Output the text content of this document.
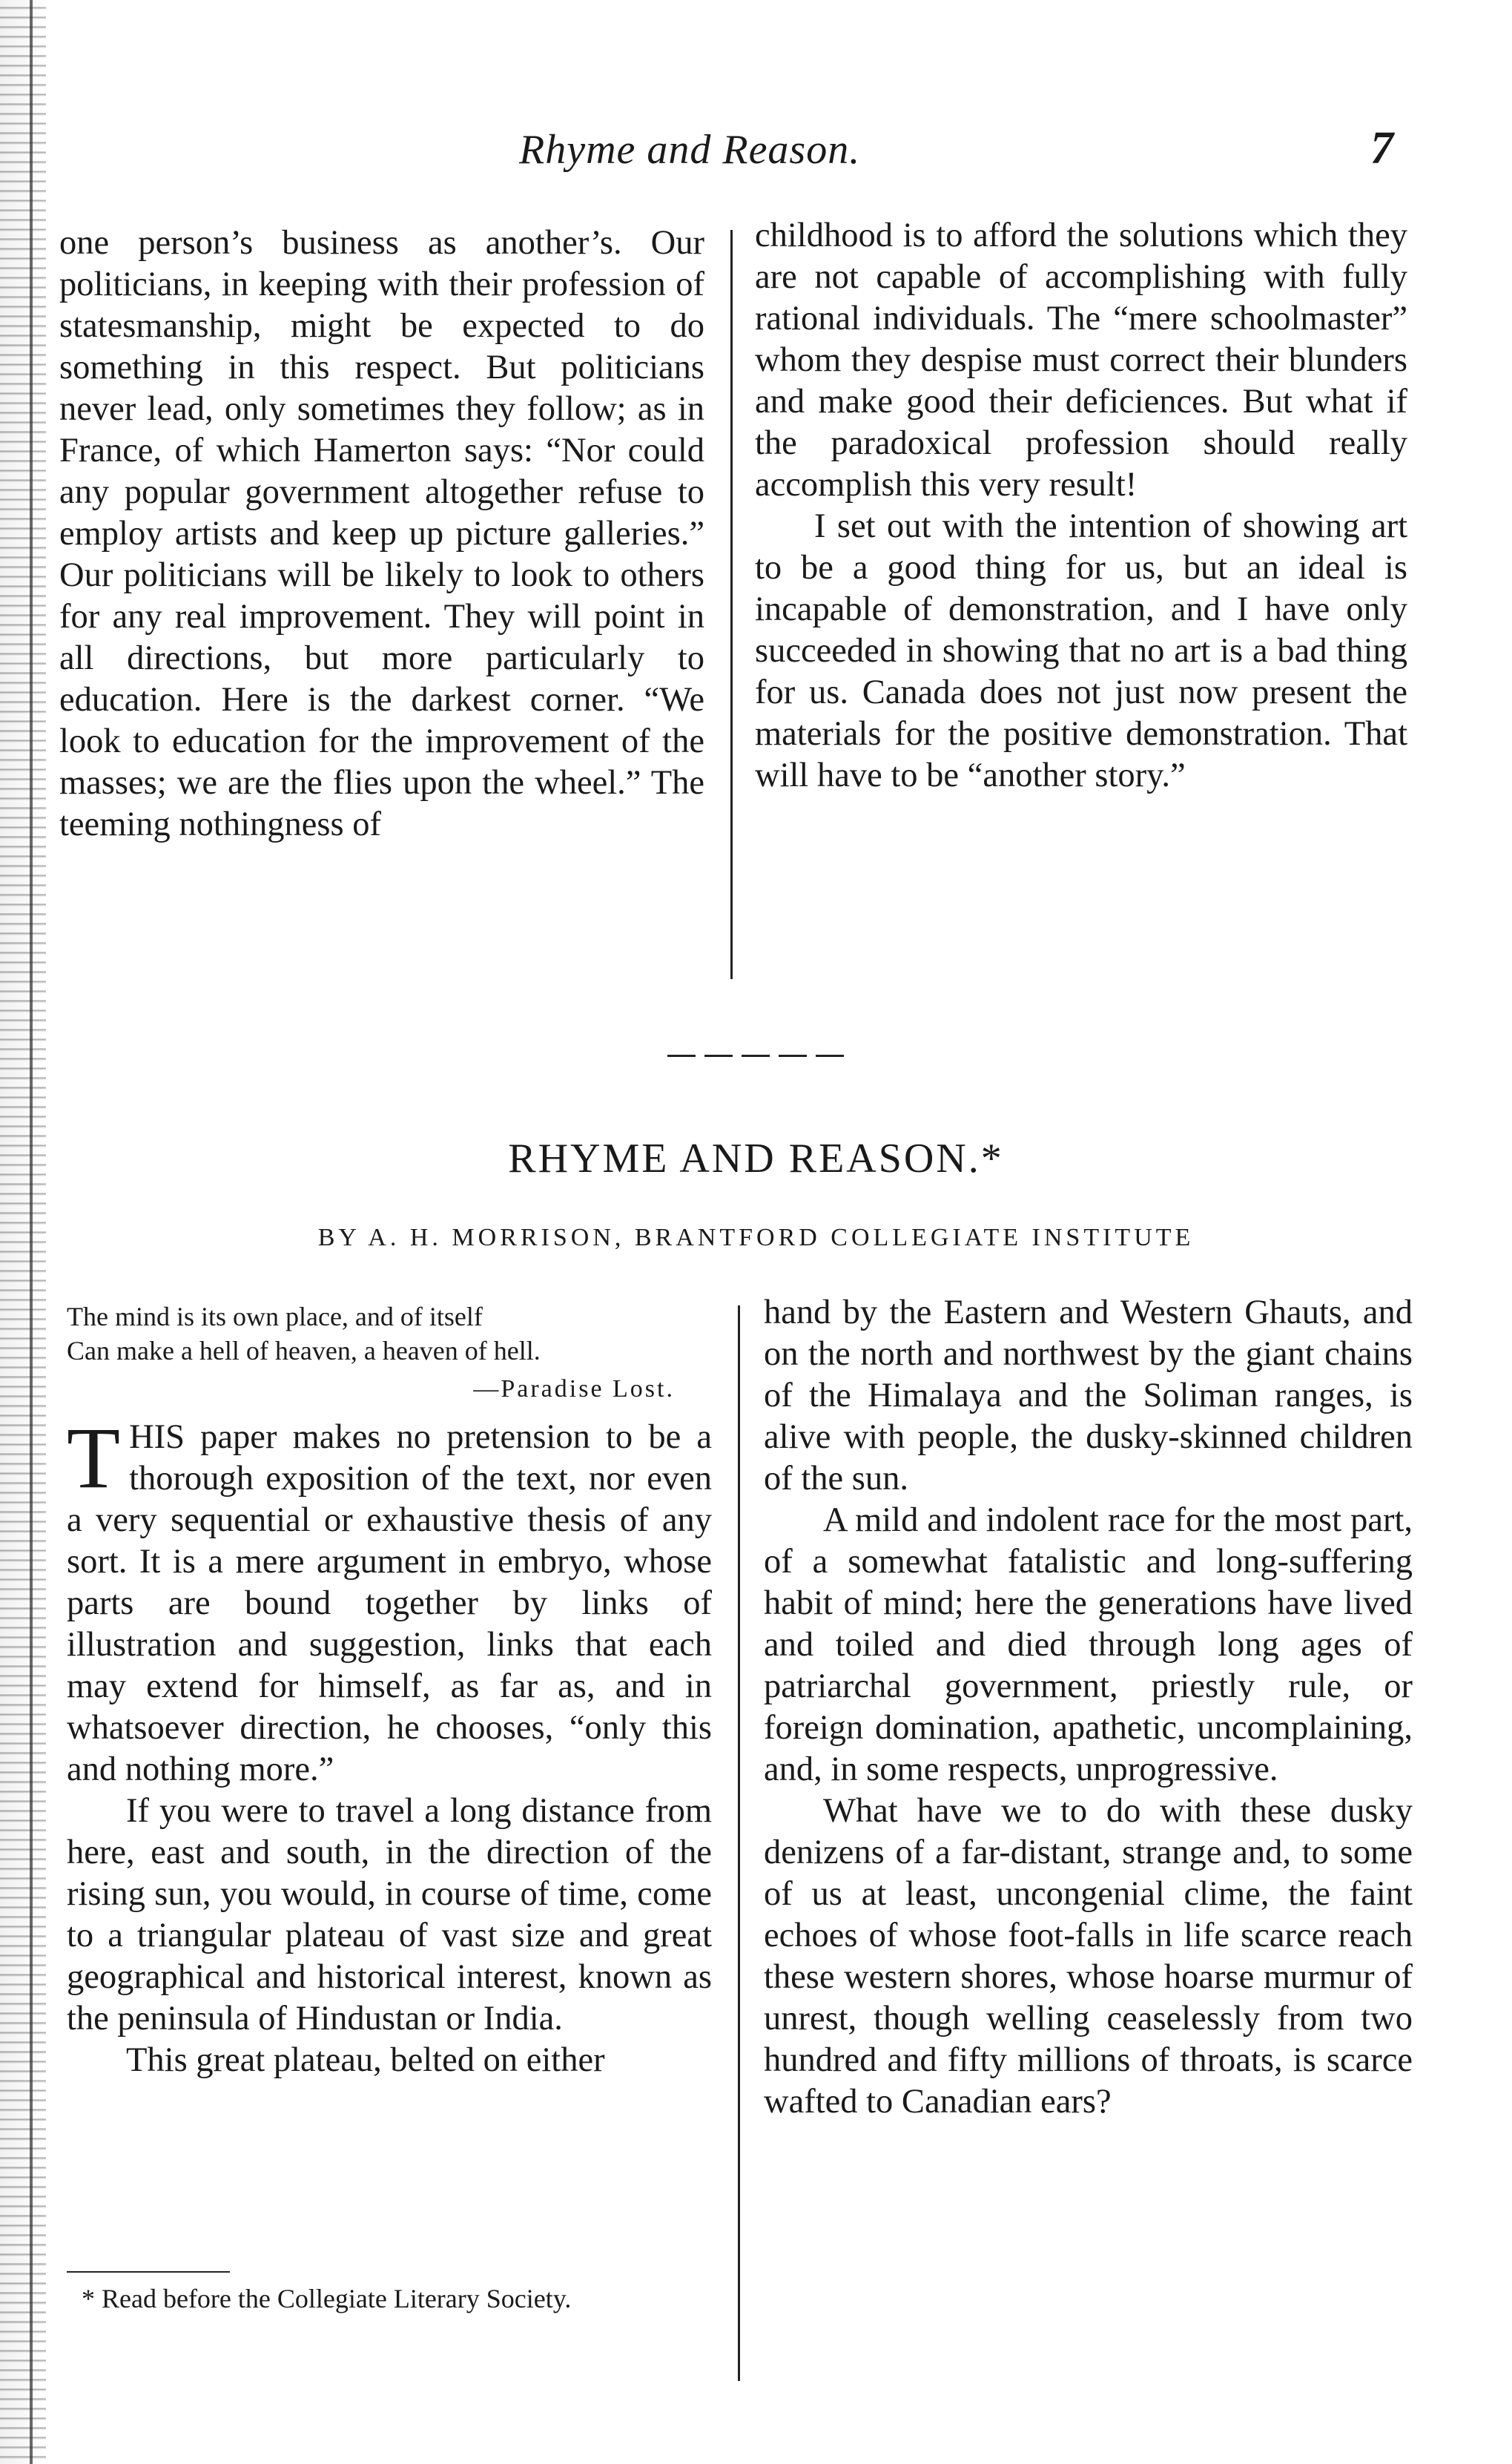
Rhyme and Reason.	7

one person’s business as another’s. Our politicians, in keeping with their profession of statesmanship, might be expected to do something in this respect. But politicians never lead, only sometimes they follow; as in France, of which Hamerton says: “Nor could any popular government altogether refuse to employ artists and keep up picture galleries.” Our politicians will be likely to look to others for any real improvement. They will point in all directions, but more particularly to education. Here is the darkest corner. “We look to education for the improvement of the masses; we are the flies upon the wheel.” The teeming nothingness of

childhood is to afford the solutions which they are not capable of accomplishing with fully rational individuals. The “mere schoolmaster” whom they despise must correct their blunders and make good their deficiences. But what if the paradoxical profession should really accomplish this very result!

I set out with the intention of showing art to be a good thing for us, but an ideal is incapable of demonstration, and I have only succeeded in showing that no art is a bad thing for us. Canada does not just now present the materials for the positive demonstration. That will have to be “another story.”

RHYME AND REASON.*
BY A. H. MORRISON, BRANTFORD COLLEGIATE INSTITUTE
The mind is its own place, and of itself
Can make a hell of heaven, a heaven of hell.
—Paradise Lost.

THIS paper makes no pretension to be a thorough exposition of the text, nor even a very sequential or exhaustive thesis of any sort. It is a mere argument in embryo, whose parts are bound together by links of illustration and suggestion, links that each may extend for himself, as far as, and in whatsoever direction, he chooses, “only this and nothing more.”

If you were to travel a long distance from here, east and south, in the direction of the rising sun, you would, in course of time, come to a triangular plateau of vast size and great geographical and historical interest, known as the peninsula of Hindustan or India.

This great plateau, belted on either

hand by the Eastern and Western Ghauts, and on the north and northwest by the giant chains of the Himalaya and the Soliman ranges, is alive with people, the dusky-skinned children of the sun.

A mild and indolent race for the most part, of a somewhat fatalistic and long-suffering habit of mind; here the generations have lived and toiled and died through long ages of patriarchal government, priestly rule, or foreign domination, apathetic, uncomplaining, and, in some respects, unprogressive.

What have we to do with these dusky denizens of a far-distant, strange and, to some of us at least, uncongenial clime, the faint echoes of whose foot-falls in life scarce reach these western shores, whose hoarse murmur of unrest, though welling ceaselessly from two hundred and fifty millions of throats, is scarce wafted to Canadian ears?

* Read before the Collegiate Literary Society.
